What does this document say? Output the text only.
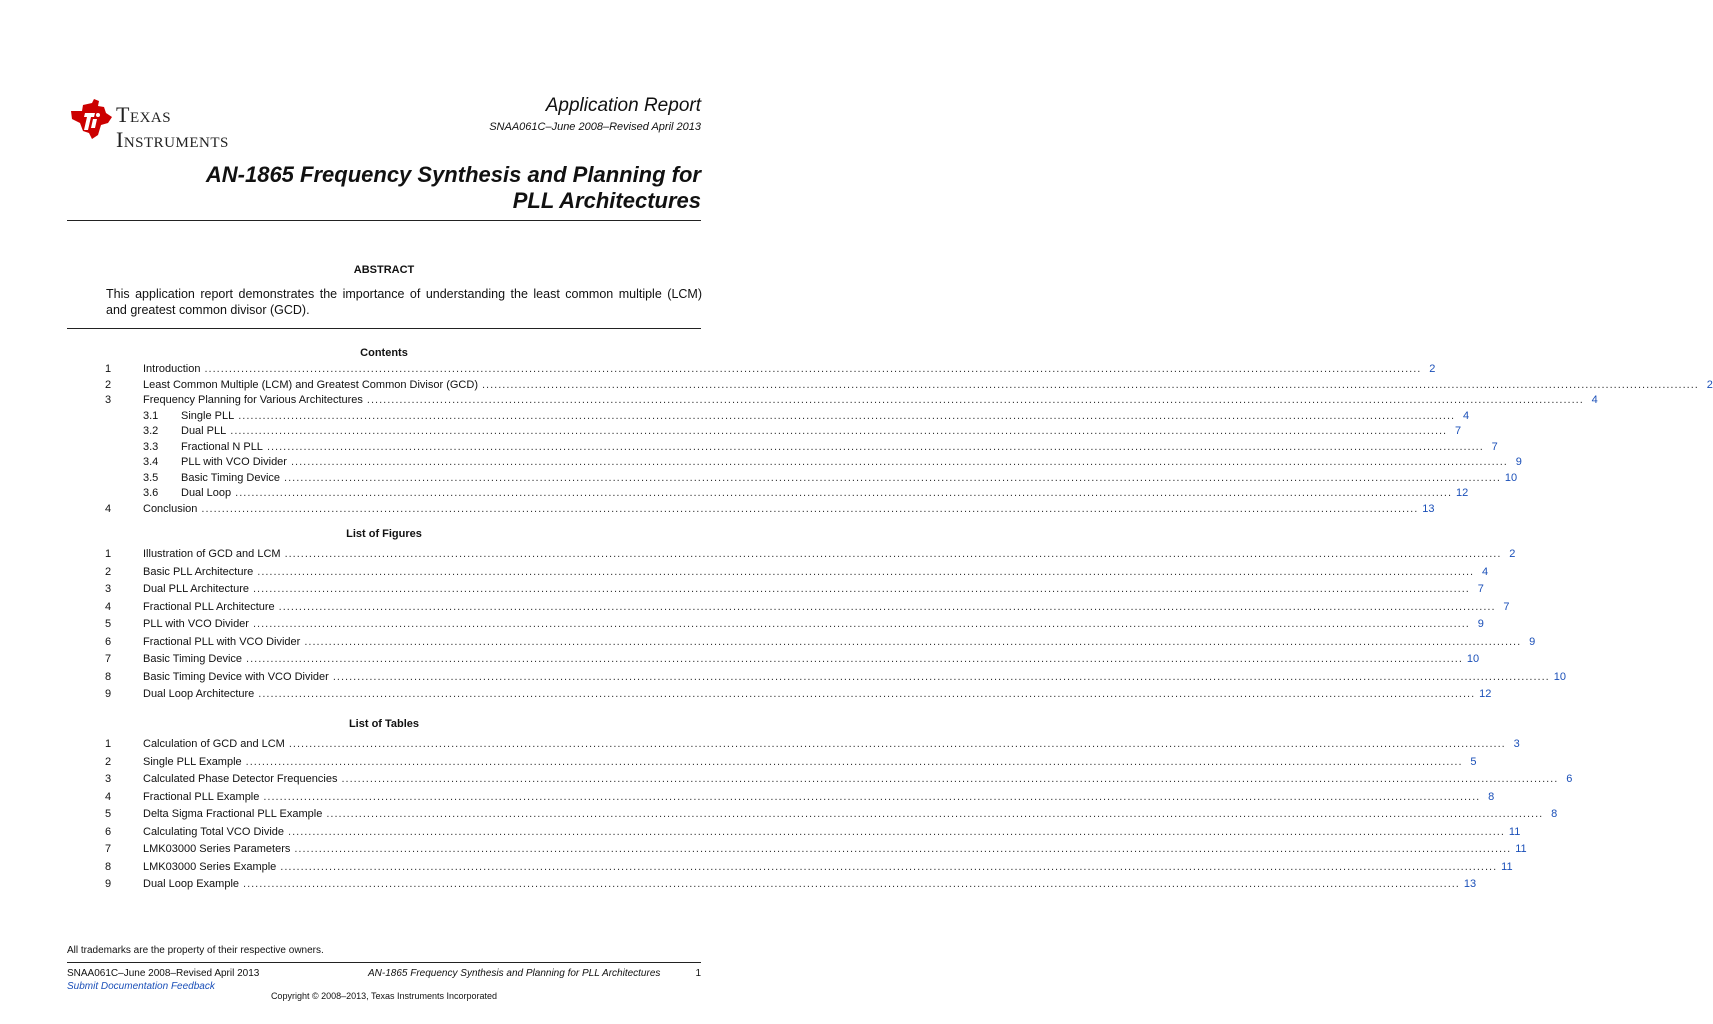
Texas
Instruments
Application Report
SNAA061C–June 2008–Revised April 2013
AN-1865 Frequency Synthesis and Planning for
PLL Architectures
ABSTRACT
This application report demonstrates the importance of understanding the least common multiple (LCM) and greatest common divisor (GCD).
Contents
1	Introduction ............................................................................................................................................................................................................................................................................................................ 2
2	Least Common Multiple (LCM) and Greatest Common Divisor (GCD) ............................................................................................................................................................................................................................................................................................................ 2
3	Frequency Planning for Various Architectures ............................................................................................................................................................................................................................................................................................................ 4
3.1	Single PLL ............................................................................................................................................................................................................................................................................................................ 4
3.2	Dual PLL ............................................................................................................................................................................................................................................................................................................ 7
3.3	Fractional N PLL ............................................................................................................................................................................................................................................................................................................ 7
3.4	PLL with VCO Divider ............................................................................................................................................................................................................................................................................................................ 9
3.5	Basic Timing Device ............................................................................................................................................................................................................................................................................................................ 10
3.6	Dual Loop ............................................................................................................................................................................................................................................................................................................ 12
4	Conclusion ............................................................................................................................................................................................................................................................................................................ 13
List of Figures
1	Illustration of GCD and LCM ............................................................................................................................................................................................................................................................................................................ 2
2	Basic PLL Architecture ............................................................................................................................................................................................................................................................................................................ 4
3	Dual PLL Architecture ............................................................................................................................................................................................................................................................................................................ 7
4	Fractional PLL Architecture ............................................................................................................................................................................................................................................................................................................ 7
5	PLL with VCO Divider ............................................................................................................................................................................................................................................................................................................ 9
6	Fractional PLL with VCO Divider ............................................................................................................................................................................................................................................................................................................ 9
7	Basic Timing Device ............................................................................................................................................................................................................................................................................................................ 10
8	Basic Timing Device with VCO Divider ............................................................................................................................................................................................................................................................................................................ 10
9	Dual Loop Architecture ............................................................................................................................................................................................................................................................................................................ 12
List of Tables
1	Calculation of GCD and LCM ............................................................................................................................................................................................................................................................................................................ 3
2	Single PLL Example ............................................................................................................................................................................................................................................................................................................ 5
3	Calculated Phase Detector Frequencies ............................................................................................................................................................................................................................................................................................................ 6
4	Fractional PLL Example ............................................................................................................................................................................................................................................................................................................ 8
5	Delta Sigma Fractional PLL Example ............................................................................................................................................................................................................................................................................................................ 8
6	Calculating Total VCO Divide ............................................................................................................................................................................................................................................................................................................ 11
7	LMK03000 Series Parameters ............................................................................................................................................................................................................................................................................................................ 11
8	LMK03000 Series Example ............................................................................................................................................................................................................................................................................................................ 11
9	Dual Loop Example ............................................................................................................................................................................................................................................................................................................ 13
All trademarks are the property of their respective owners.
SNAA061C–June 2008–Revised April 2013
Submit Documentation Feedback
AN-1865 Frequency Synthesis and Planning for PLL Architectures	1
Copyright © 2008–2013, Texas Instruments Incorporated
